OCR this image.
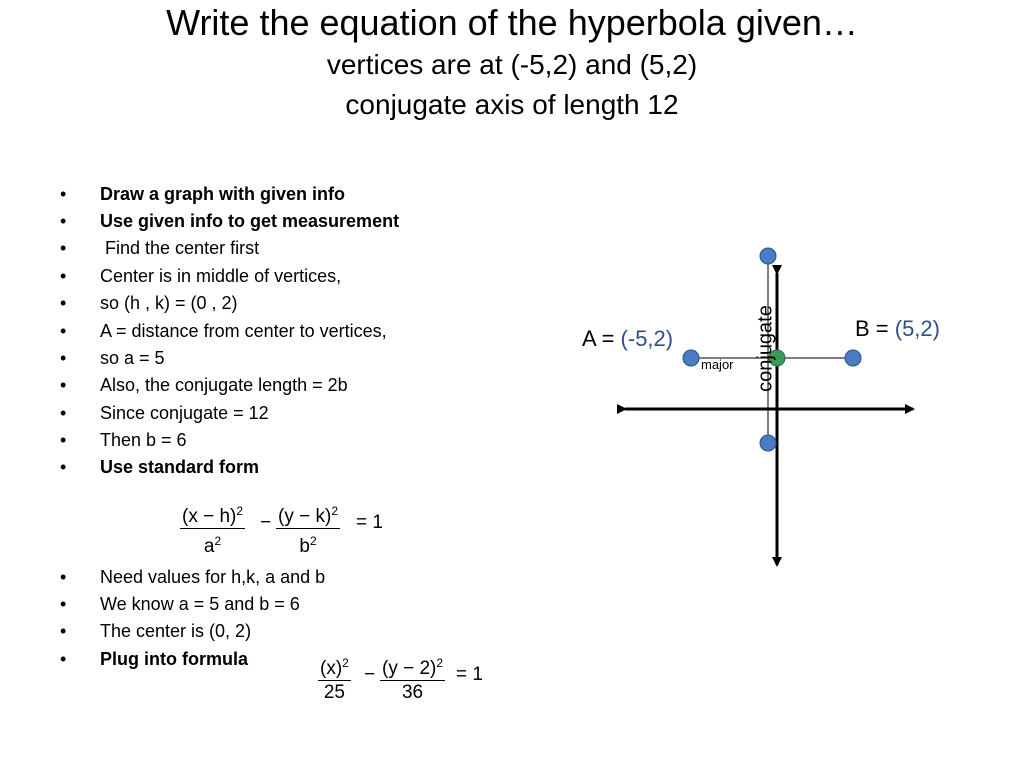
Write the equation of the hyperbola given…
vertices are at (-5,2) and (5,2)
conjugate axis of length 12
•	Draw a graph with given info
•	Use given info to get measurement
•	Find the center first
•	Center is in middle of vertices,
•	so (h , k) = (0 , 2)
•	A = distance from center to vertices,
•	so a = 5
•	Also, the conjugate length = 2b
•	Since conjugate = 12
•	Then b = 6
•	Use standard form
•	Need values for h,k, a and b
•	We know a = 5 and b = 6
•	The center is (0, 2)
•	Plug into formula
$(x - h)^2$
$a^2$
− $(y - k)^2$
$b^2$
= 1
$(x)^2$
25
− $(y - 2)^2$
36
= 1
A = (-5,2)	B = (5,2)
major conjugate
